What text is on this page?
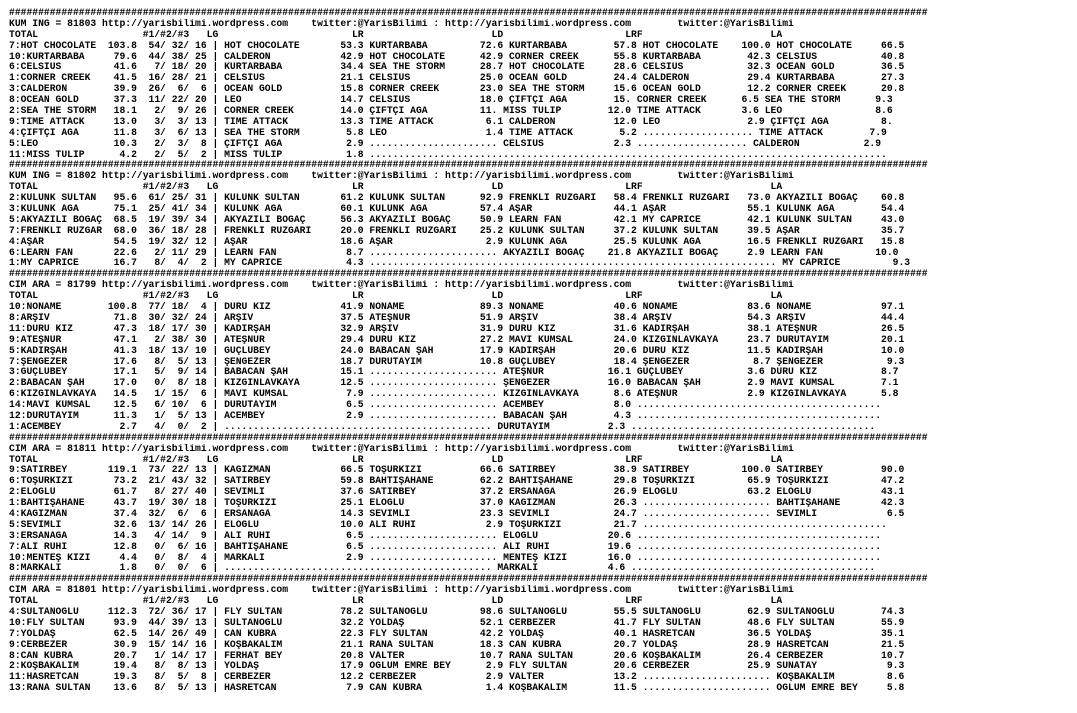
##############################################################################################################################################################
KUM ING = 81803 http://yarisbilimi.wordpress.com    twitter:@YarisBilimi : http://yarisbilimi.wordpress.com        twitter:@YarisBilimi
TOTAL                  #1/#2/#3   LG                       LR                      LD                     LRF                      LA
7:HOT CHOCOLATE  103.8  54/ 32/ 16 | HOT CHOCOLATE       53.3 KURTARBABA         72.6 KURTARBABA        57.8 HOT CHOCOLATE    100.0 HOT CHOCOLATE     66.5
10:KURTARBABA     79.6  44/ 38/ 25 | CALDERON            42.9 HOT CHOCOLATE      42.9 CORNER CREEK      55.8 KURTARBABA        42.3 CELSIUS           40.8
6:CELSIUS         41.6   7/ 18/ 20 | KURTARBABA          34.4 SEA THE STORM      28.7 HOT CHOCOLATE     28.6 CELSIUS           32.3 OCEAN GOLD        36.5
1:CORNER CREEK    41.5  16/ 28/ 21 | CELSIUS             21.1 CELSIUS            25.0 OCEAN GOLD        24.4 CALDERON          29.4 KURTARBABA        27.3
3:CALDERON        39.9  26/  6/  6 | OCEAN GOLD          15.8 CORNER CREEK       23.0 SEA THE STORM     15.6 OCEAN GOLD        12.2 CORNER CREEK      20.8
8:OCEAN GOLD      37.3  11/ 22/ 20 | LEO                 14.7 CELSIUS            18.0 ÇIFTÇI AĞA        15. CORNER CREEK      6.5 SEA THE STORM      9.3
2:SEA THE STORM   18.1   2/  9/ 26 | CORNER CREEK        14.0 ÇIFTÇI AĞA         11. MISS TULIP        12.0 TIME ATTACK       3.6 LEO                8.6
9:TIME ATTACK     13.0   3/  3/ 13 | TIME ATTACK         13.3 TIME ATTACK         6.1 CALDERON          12.0 LEO               2.9 ÇIFTÇI AĞA         8.
4:ÇIFTÇI AĞA      11.8   3/  6/ 13 | SEA THE STORM        5.8 LEO                 1.4 TIME ATTACK        5.2 ................... TIME ATTACK        7.9
5:LEO             10.3   2/  3/  8 | ÇIFTÇI AĞA           2.9 ...................... CELSIUS            2.3 ................... CALDERON           2.9
11:MISS TULIP      4.2   2/  5/  2 | MISS TULIP           1.8 .........................................................................................
##############################################################################################################################################################
KUM ING = 81802 http://yarisbilimi.wordpress.com    twitter:@YarisBilimi : http://yarisbilimi.wordpress.com        twitter:@YarisBilimi
TOTAL                  #1/#2/#3   LG                       LR                      LD                     LRF                      LA
2:KÜLÜNK SULTAN   95.6  61/ 25/ 31 | KÜLÜNK SULTAN       61.2 KÜLÜNK SULTAN      92.9 FRENKLI RÜZGARI   58.4 FRENKLI RÜZGARI   73.0 AKYAZILI BOĞAÇ    60.8
3:KÜLÜNK AĞA      75.1  25/ 41/ 34 | KÜLÜNK AĞA          60.1 KÜLÜNK AĞA         57.4 AŞAR              44.1 AŞAR              55.1 KÜLÜNK AĞA        54.4
5:AKYAZILI BOĞAÇ  68.5  19/ 39/ 34 | AKYAZILI BOĞAÇ      56.3 AKYAZILI BOĞAÇ     50.9 LEARN FAN         42.1 MY CAPRICE        42.1 KÜLÜNK SULTAN     43.0
7:FRENKLI RÜZGAR  68.0  36/ 18/ 28 | FRENKLI RÜZGARI     20.0 FRENKLI RÜZGARI    25.2 KÜLÜNK SULTAN     37.2 KÜLÜNK SULTAN     39.5 AŞAR              35.7
4:AŞAR            54.5  19/ 32/ 12 | AŞAR                18.6 AŞAR                2.9 KÜLÜNK AĞA        25.5 KÜLÜNK AĞA        16.5 FRENKLI RÜZGARI   15.8
6:LEARN FAN       22.6   2/ 11/ 29 | LEARN FAN            8.7 ...................... AKYAZILI BOĞAÇ    21.8 AKYAZILI BOĞAÇ     2.9 LEARN FAN         10.0
1:MY CAPRICE      16.7   8/  4/  2 | MY CAPRICE           4.3 ...................................................................... MY CAPRICE         9.3
##############################################################################################################################################################
CIM ARA = 81799 http://yarisbilimi.wordpress.com    twitter:@YarisBilimi : http://yarisbilimi.wordpress.com        twitter:@YarisBilimi
TOTAL                  #1/#2/#3   LG                       LR                      LD                     LRF                      LA
10:NONAME        100.8  77/ 18/  4 | DURU KIZ            41.9 NONAME             89.3 NONAME            40.6 NONAME            83.6 NONAME            97.1
8:ARŞIV           71.8  30/ 32/ 24 | ARŞIV               37.5 ATEŞNUR            51.9 ARŞIV             38.4 ARŞIV             54.3 ARŞIV             44.4
11:DURU KIZ       47.3  18/ 17/ 30 | KADIRŞAH            32.9 ARŞIV              31.9 DURU KIZ          31.6 KADIRŞAH          38.1 ATEŞNUR           26.5
9:ATEŞNUR         47.1   2/ 38/ 30 | ATEŞNUR             29.4 DURU KIZ           27.2 MAVI KUMSAL       24.0 KIZGINLAVKAYA     23.7 DURUTAYIM         20.1
5:KADIRŞAH        41.3  18/ 13/ 10 | GÜÇLÜBEY            24.0 BABACAN ŞAH        17.9 KADIRŞAH          20.6 DURU KIZ          11.5 KADIRŞAH          10.0
7:ŞENGEZER        17.6   8/  5/ 13 | ŞENGEZER            18.7 DURUTAYIM          10.8 GÜÇLÜBEY          18.4 ŞENGEZER           8.7 ŞENGEZER           9.3
3:GÜÇLÜBEY        17.1   5/  9/ 14 | BABACAN ŞAH         15.1 ...................... ATEŞNUR           16.1 GÜÇLÜBEY           3.6 DURU KIZ           8.7
2:BABACAN ŞAH     17.0   0/  8/ 18 | KIZGINLAVKAYA       12.5 ...................... ŞENGEZER          16.0 BABACAN ŞAH        2.9 MAVI KUMSAL        7.1
6:KIZGINLAVKAYA   14.5   1/ 15/  6 | MAVI KUMSAL          7.9 ...................... KIZGINLAVKAYA      8.6 ATEŞNUR            2.9 KIZGINLAVKAYA      5.8
14:MAVI KUMSAL    12.5   6/ 10/  6 | DURUTAYIM            6.5 ...................... ACEMBEY            8.0 ..........................................
12:DURUTAYIM      11.3   1/  5/ 13 | ACEMBEY              2.9 ...................... BABACAN ŞAH        4.3 ..........................................
1:ACEMBEY          2.7   4/  0/  2 | .............................................. DURUTAYIM          2.3 ..........................................
##############################################################################################################################################################
CIM ARA = 81811 http://yarisbilimi.wordpress.com    twitter:@YarisBilimi : http://yarisbilimi.wordpress.com        twitter:@YarisBilimi
TOTAL                  #1/#2/#3   LG                       LR                      LD                     LRF                      LA
9:SATIRBEY       119.1  73/ 22/ 13 | KAĞIZMAN            66.5 TOŞURKIZI          66.6 SATIRBEY          38.9 SATIRBEY         100.0 SATIRBEY          90.0
6:TOŞURKIZI       73.2  21/ 43/ 32 | SATIRBEY            59.8 BAHTIŞAHANE        62.2 BAHTIŞAHANE       29.8 TOŞURKIZI         65.9 TOŞURKIZI         47.2
2:ELOĞLU          61.7   8/ 27/ 40 | SEVIMLI             37.6 SATIRBEY           37.2 ERSANAĞA          26.9 ELOĞLU            63.2 ELOĞLU            43.1
1:BAHTIŞAHANE     43.7  19/ 30/ 18 | TOŞURKIZI           25.1 ELOĞLU             37.0 KAĞIZMAN          26.3 ...................... BAHTIŞAHANE       42.3
4:KAĞIZMAN        37.4  32/  6/  6 | ERSANAĞA            14.3 SEVIMLI            23.3 SEVIMLI           24.7 ...................... SEVIMLI            6.5
5:SEVIMLI         32.6  13/ 14/ 26 | ELOĞLU              10.0 ALI RUHI            2.9 TOŞURKIZI         21.7 ..........................................
3:ERSANAĞA        14.3   4/ 14/  9 | ALI RUHI             6.5 ...................... ELOĞLU            20.6 ..........................................
7:ALI RUHI        12.8   0/  6/ 16 | BAHTIŞAHANE          6.5 ...................... ALI RUHI          19.6 ..........................................
10:MENTEŞ KIZI     4.4   0/  8/  4 | MARKALI              2.9 ...................... MENTEŞ KIZI       16.0 ..........................................
8:MARKALI          1.8   0/  0/  6 | .............................................. MARKALI            4.6 ..........................................
##############################################################################################################################################################
CIM ARA = 81801 http://yarisbilimi.wordpress.com    twitter:@YarisBilimi : http://yarisbilimi.wordpress.com        twitter:@YarisBilimi
TOTAL                  #1/#2/#3   LG                       LR                      LD                     LRF                      LA
4:SULTANOĞLU     112.3  72/ 36/ 17 | FLY SULTAN          78.2 SULTANOĞLU         98.6 SULTANOĞLU        55.5 SULTANOĞLU        62.9 SULTANOĞLU        74.3
10:FLY SULTAN     93.9  44/ 39/ 13 | SULTANOĞLU          32.2 YOLDAŞ             52.1 CERBEZER          41.7 FLY SULTAN        48.6 FLY SULTAN        55.9
7:YOLDAŞ          62.5  14/ 26/ 49 | CAN KUBRA           22.3 FLY SULTAN         42.2 YOLDAŞ            40.1 HASRETCAN         36.5 YOLDAŞ            35.1
9:CERBEZER        30.9  15/ 14/ 16 | KOŞBAKALIM          21.1 RANA SULTAN        18.3 CAN KUBRA         20.7 YOLDAŞ            28.9 HASRETCAN         21.5
8:CAN KUBRA       20.7   1/ 14/ 17 | FERHAT BEY          20.8 VALTER             10.7 RANA SULTAN       20.6 KOŞBAKALIM        26.4 CERBEZER          10.7
2:KOŞBAKALIM      19.4   8/  8/ 13 | YOLDAŞ              17.9 OĞLUM EMRE BEY      2.9 FLY SULTAN        20.6 CERBEZER          25.9 SUNATAY            9.3
11:HASRETCAN      19.3   8/  5/  8 | CERBEZER            12.2 CERBEZER            2.9 VALTER            13.2 ...................... KOŞBAKALIM         8.6
13:RANA SULTAN    13.6   8/  5/ 13 | HASRETCAN            7.9 CAN KUBRA           1.4 KOŞBAKALIM        11.5 ...................... OĞLUM EMRE BEY     5.8
